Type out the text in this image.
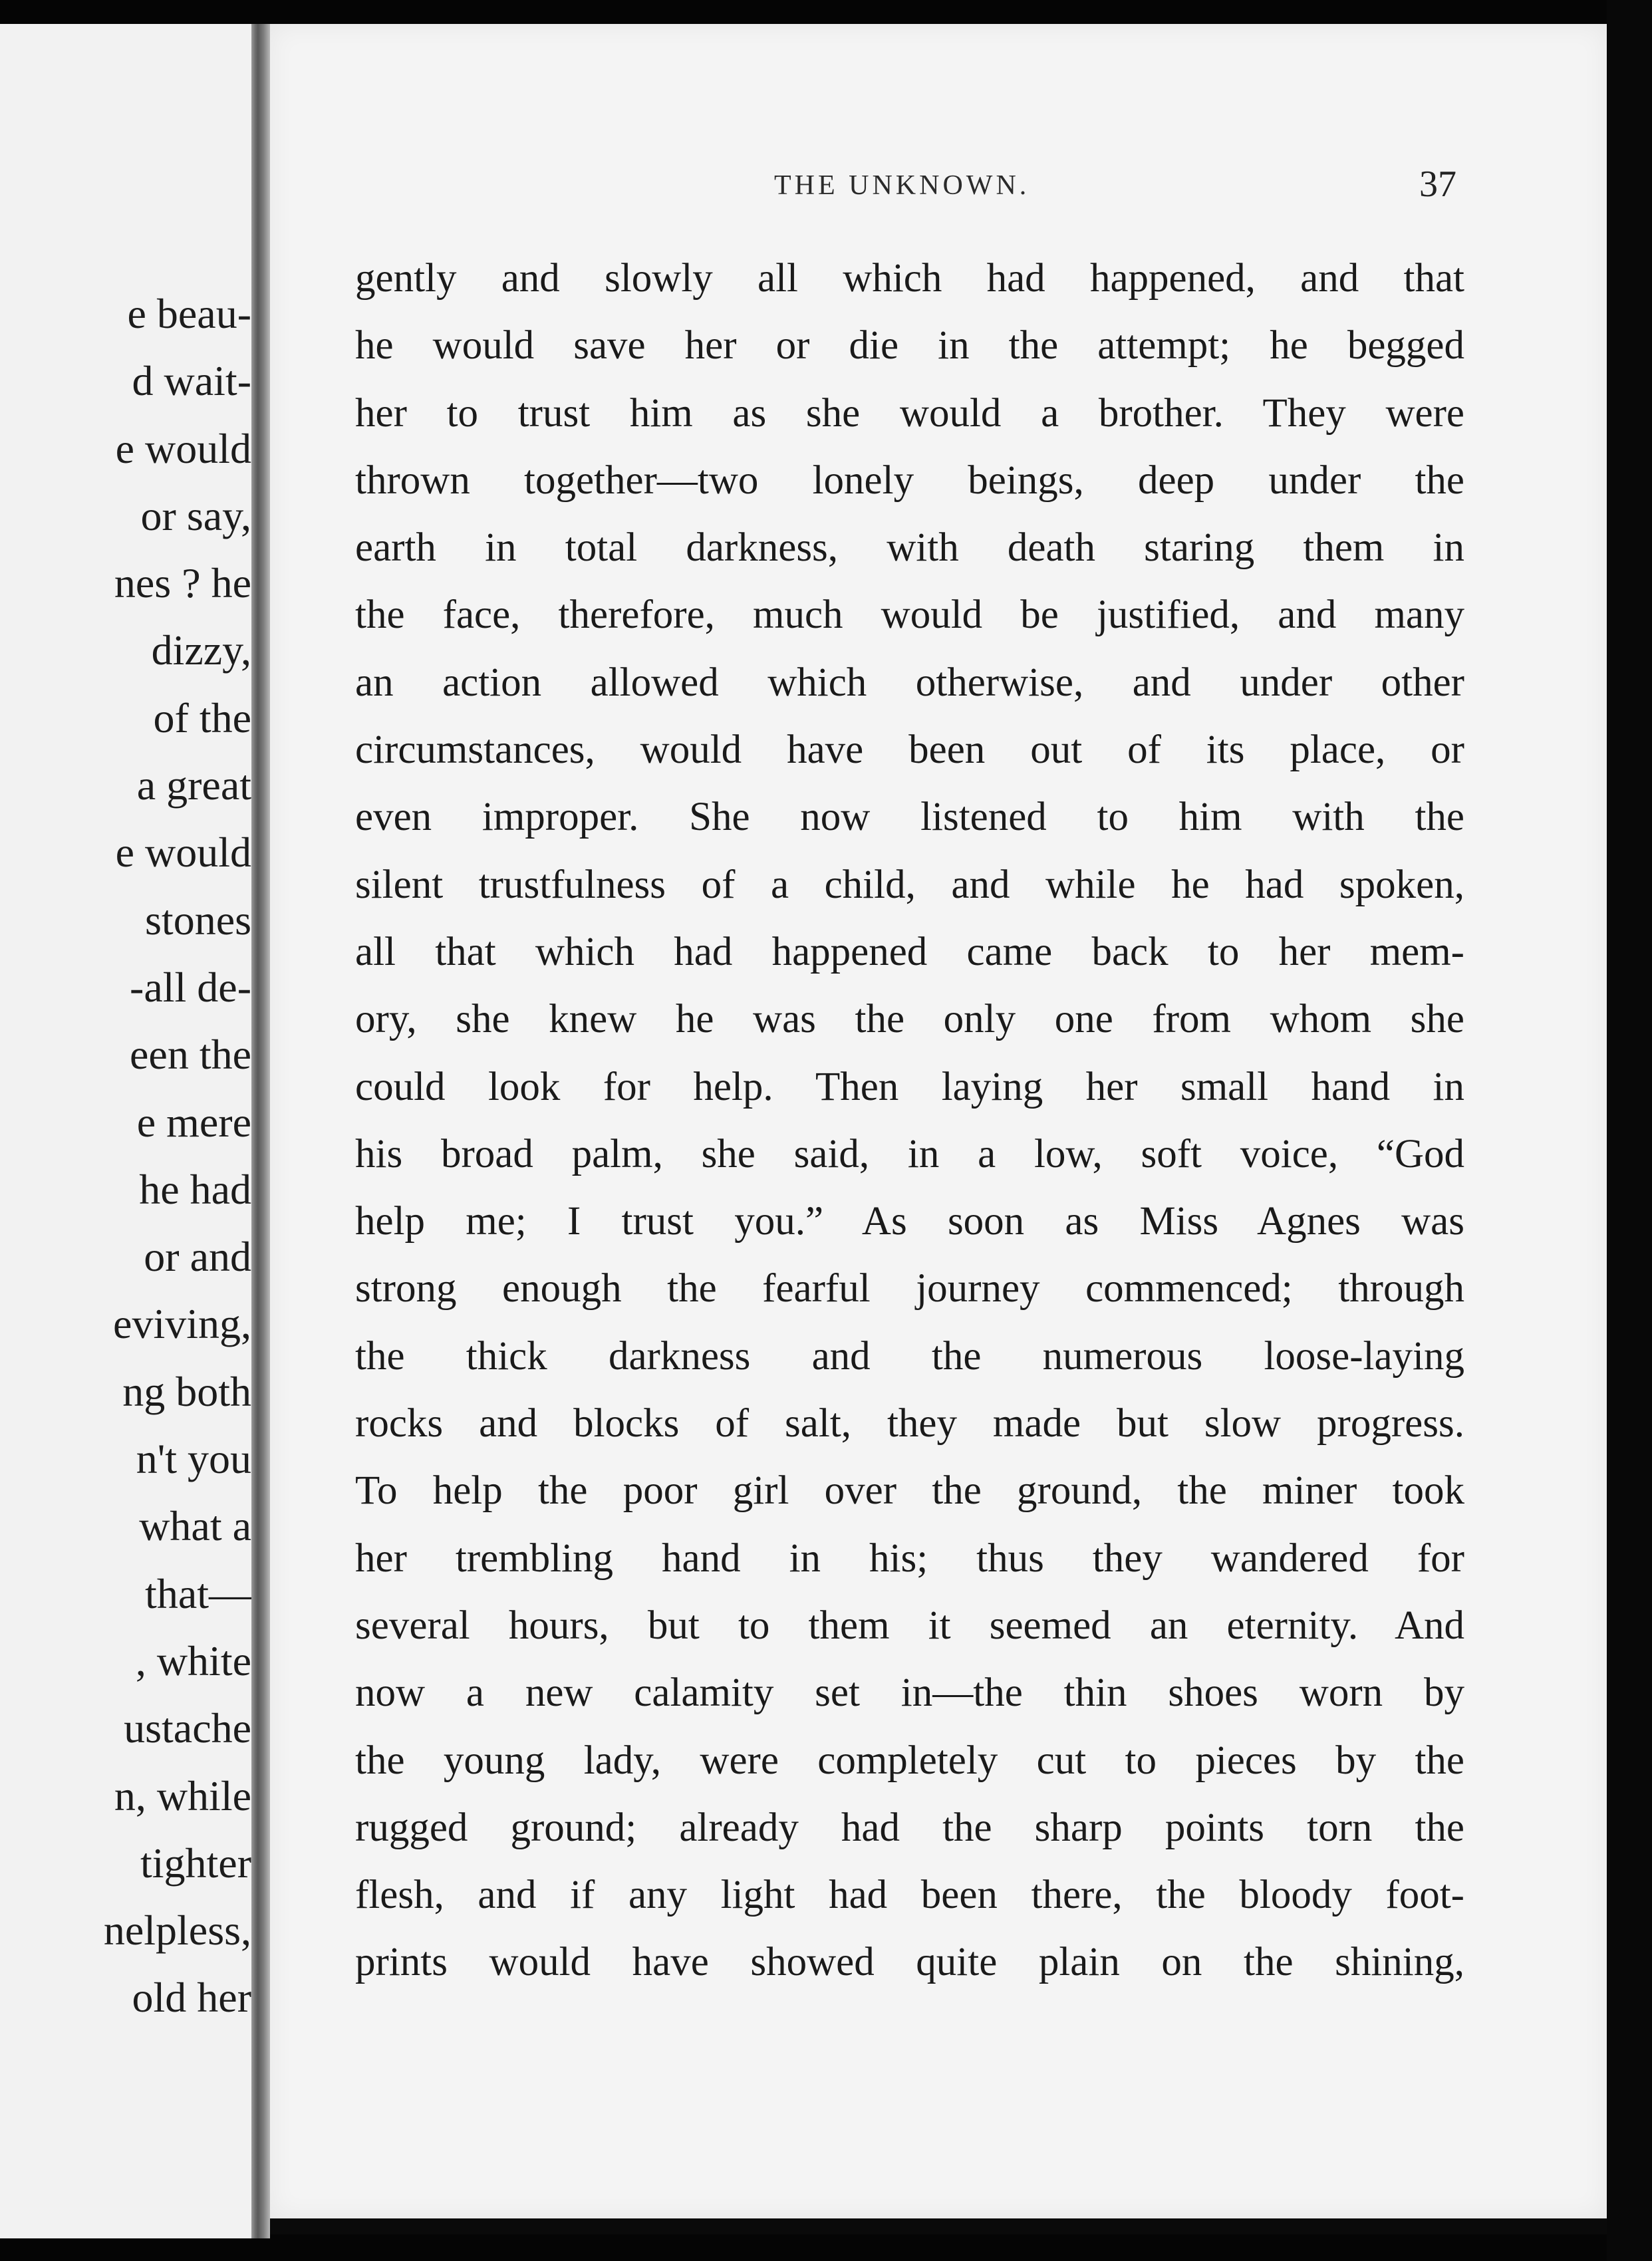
e beau-
d wait-
e would
or say,
nes ? he
dizzy,
of the
a great
e would
stones
-all de-
een the
e mere
he had
or and
eviving,
ng both
n't you
what a
that—
, white
ustache
n, while
tighter
nelpless,
old her
THE UNKNOWN.	37
gently and slowly all which had happened, and that
he would save her or die in the attempt; he begged
her to trust him as she would a brother. They were
thrown together—two lonely beings, deep under the
earth in total darkness, with death staring them in
the face, therefore, much would be justified, and many
an action allowed which otherwise, and under other
circumstances, would have been out of its place, or
even improper. She now listened to him with the
silent trustfulness of a child, and while he had spoken,
all that which had happened came back to her mem-
ory, she knew he was the only one from whom she
could look for help. Then laying her small hand in
his broad palm, she said, in a low, soft voice, “God
help me; I trust you.” As soon as Miss Agnes was
strong enough the fearful journey commenced; through
the thick darkness and the numerous loose-laying
rocks and blocks of salt, they made but slow progress.
To help the poor girl over the ground, the miner took
her trembling hand in his; thus they wandered for
several hours, but to them it seemed an eternity. And
now a new calamity set in—the thin shoes worn by
the young lady, were completely cut to pieces by the
rugged ground; already had the sharp points torn the
flesh, and if any light had been there, the bloody foot-
prints would have showed quite plain on the shining,
